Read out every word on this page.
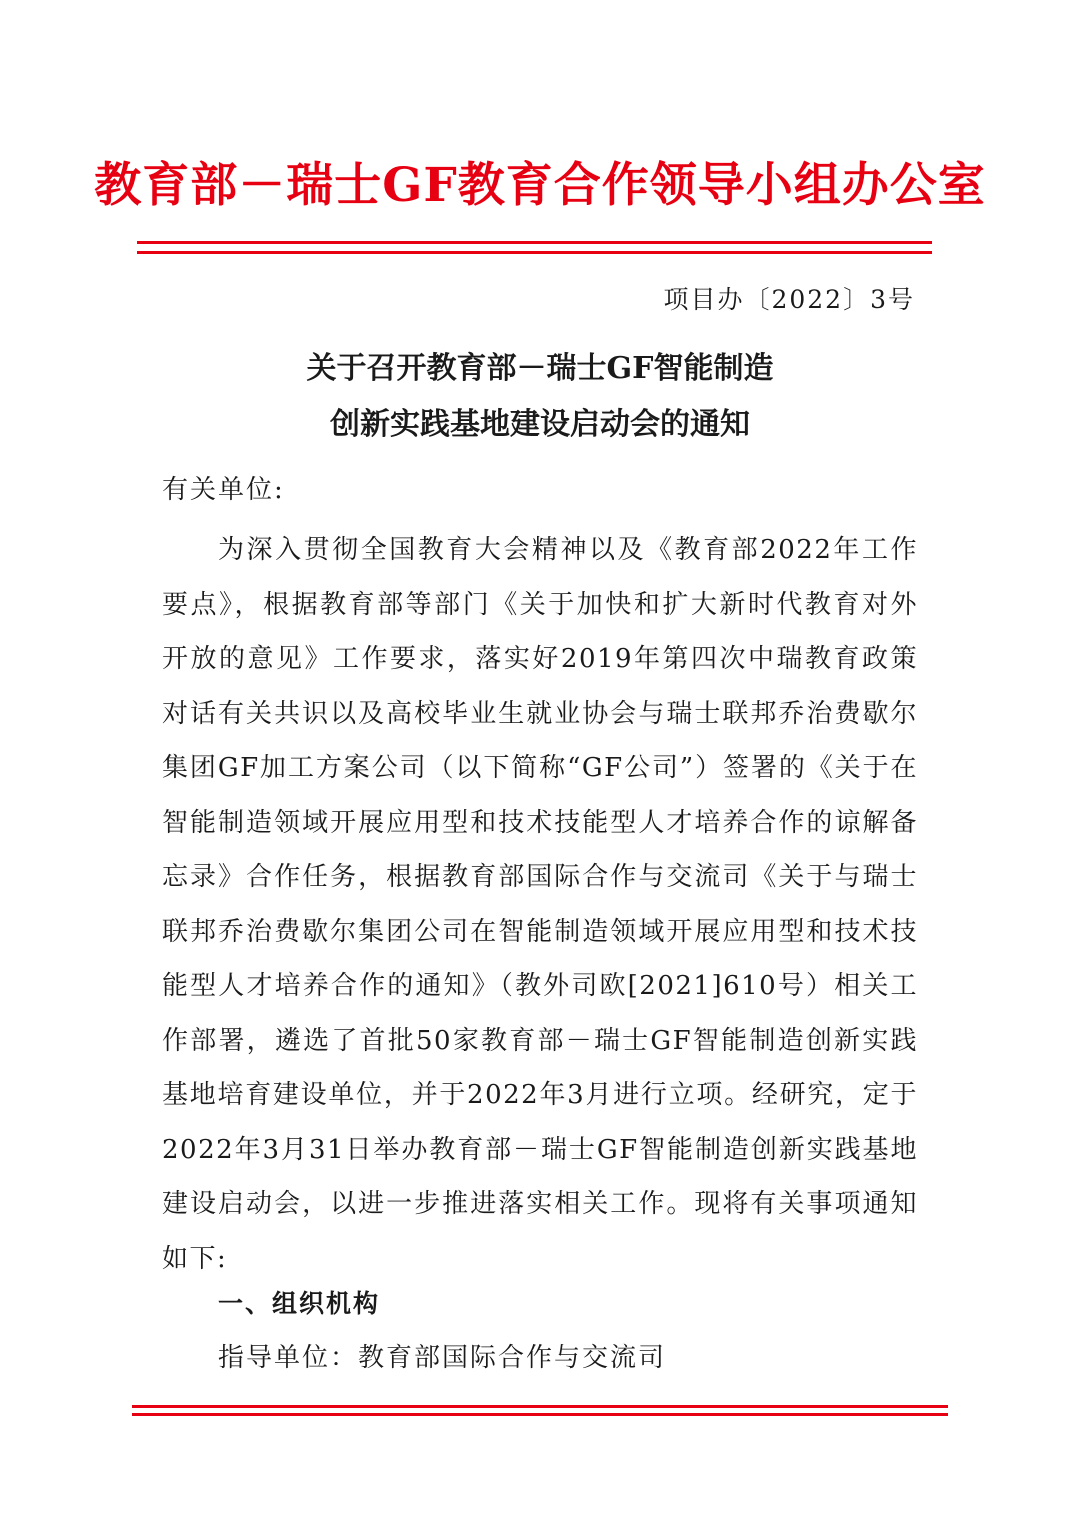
教育部－瑞士GF教育合作领导小组办公室
项目办〔2022〕3号
关于召开教育部－瑞士GF智能制造
创新实践基地建设启动会的通知
有关单位:
为深入贯彻全国教育大会精神以及《教育部2022年工作要点》，根据教育部等部门《关于加快和扩大新时代教育对外开放的意见》工作要求，落实好2019年第四次中瑞教育政策对话有关共识以及高校毕业生就业协会与瑞士联邦乔治费歇尔集团GF加工方案公司（以下简称“GF公司”）签署的《关于在智能制造领域开展应用型和技术技能型人才培养合作的谅解备忘录》合作任务，根据教育部国际合作与交流司《关于与瑞士联邦乔治费歇尔集团公司在智能制造领域开展应用型和技术技能型人才培养合作的通知》（教外司欧[2021]610号）相关工作部署，遴选了首批50家教育部－瑞士GF智能制造创新实践基地培育建设单位，并于2022年3月进行立项。经研究，定于2022年3月31日举办教育部－瑞士GF智能制造创新实践基地建设启动会，以进一步推进落实相关工作。现将有关事项通知如下:
一、组织机构
指导单位：教育部国际合作与交流司
